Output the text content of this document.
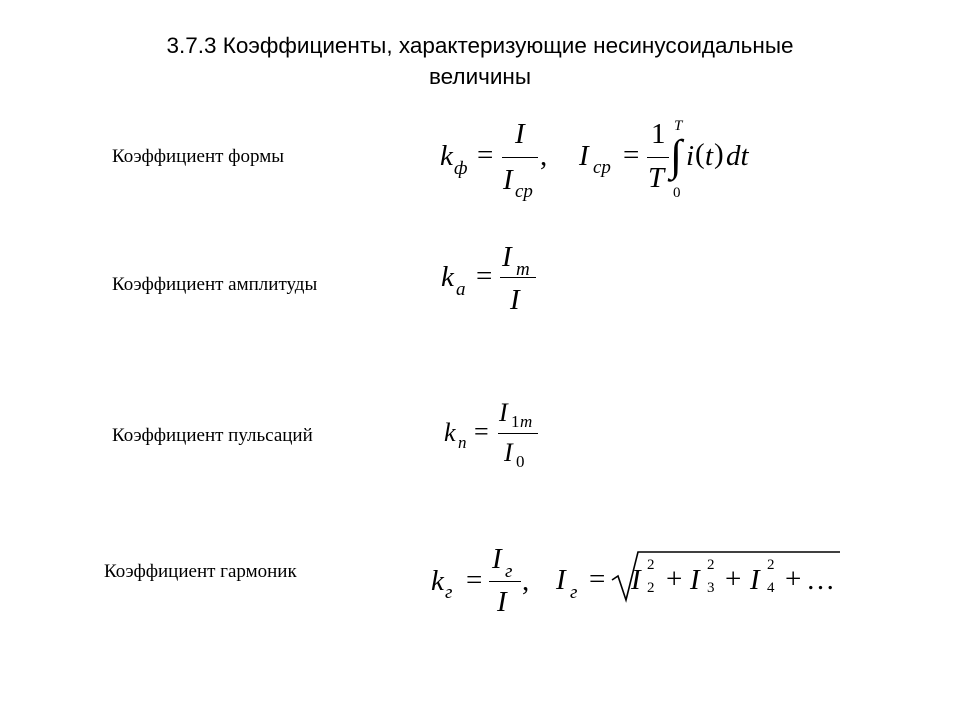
3.7.3 Коэффициенты, характеризующие несинусоидальные
величины
Коэффициент формы
Коэффициент амплитуды
Коэффициент пульсаций
Коэффициент гармоник
k ф =
I
I cp
, I cp =
1
T ∫
T
0
i ( t ) dt
k a =
I m
I
k n =
I 1 m
I 0
k г =
I г
I
, I г = I 2
2 + I 2
3 + I 2
4 + …
